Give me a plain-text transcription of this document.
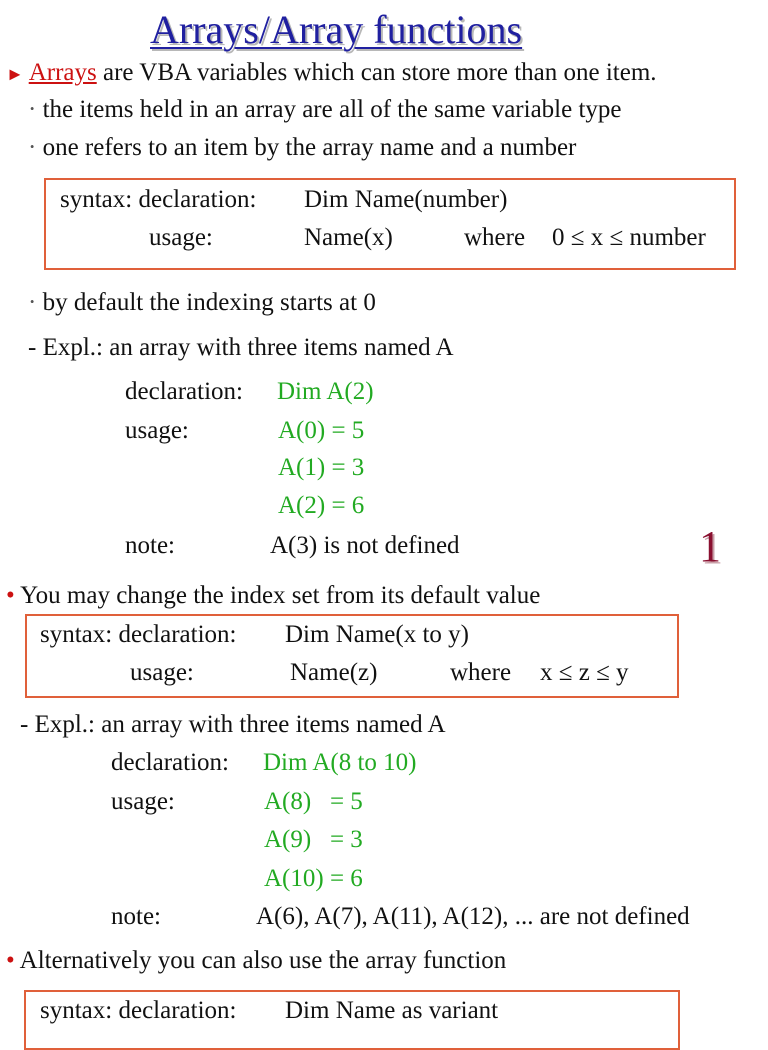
Arrays/Array functions
► Arrays are VBA variables which can store more than one item.
· the items held in an array are all of the same variable type
· one refers to an item by the array name and a number
syntax: declaration: Dim Name(number)
usage:	Name(x)	where 0 ≤ x ≤ number
· by default the indexing starts at 0
- Expl.: an array with three items named A
declaration: Dim A(2)
usage:	A(0) = 5
A(1) = 3
A(2) = 6
note:	A(3) is not defined	1
• You may change the index set from its default value
syntax: declaration: Dim Name(x to y)
usage:	Name(z)	where x ≤ z ≤ y
- Expl.: an array with three items named A
declaration: Dim A(8 to 10)
usage:	A(8)   = 5
A(9)   = 3
A(10) = 6
note:	A(6), A(7), A(11), A(12), ... are not defined
• Alternatively you can also use the array function
syntax: declaration: Dim Name as variant
